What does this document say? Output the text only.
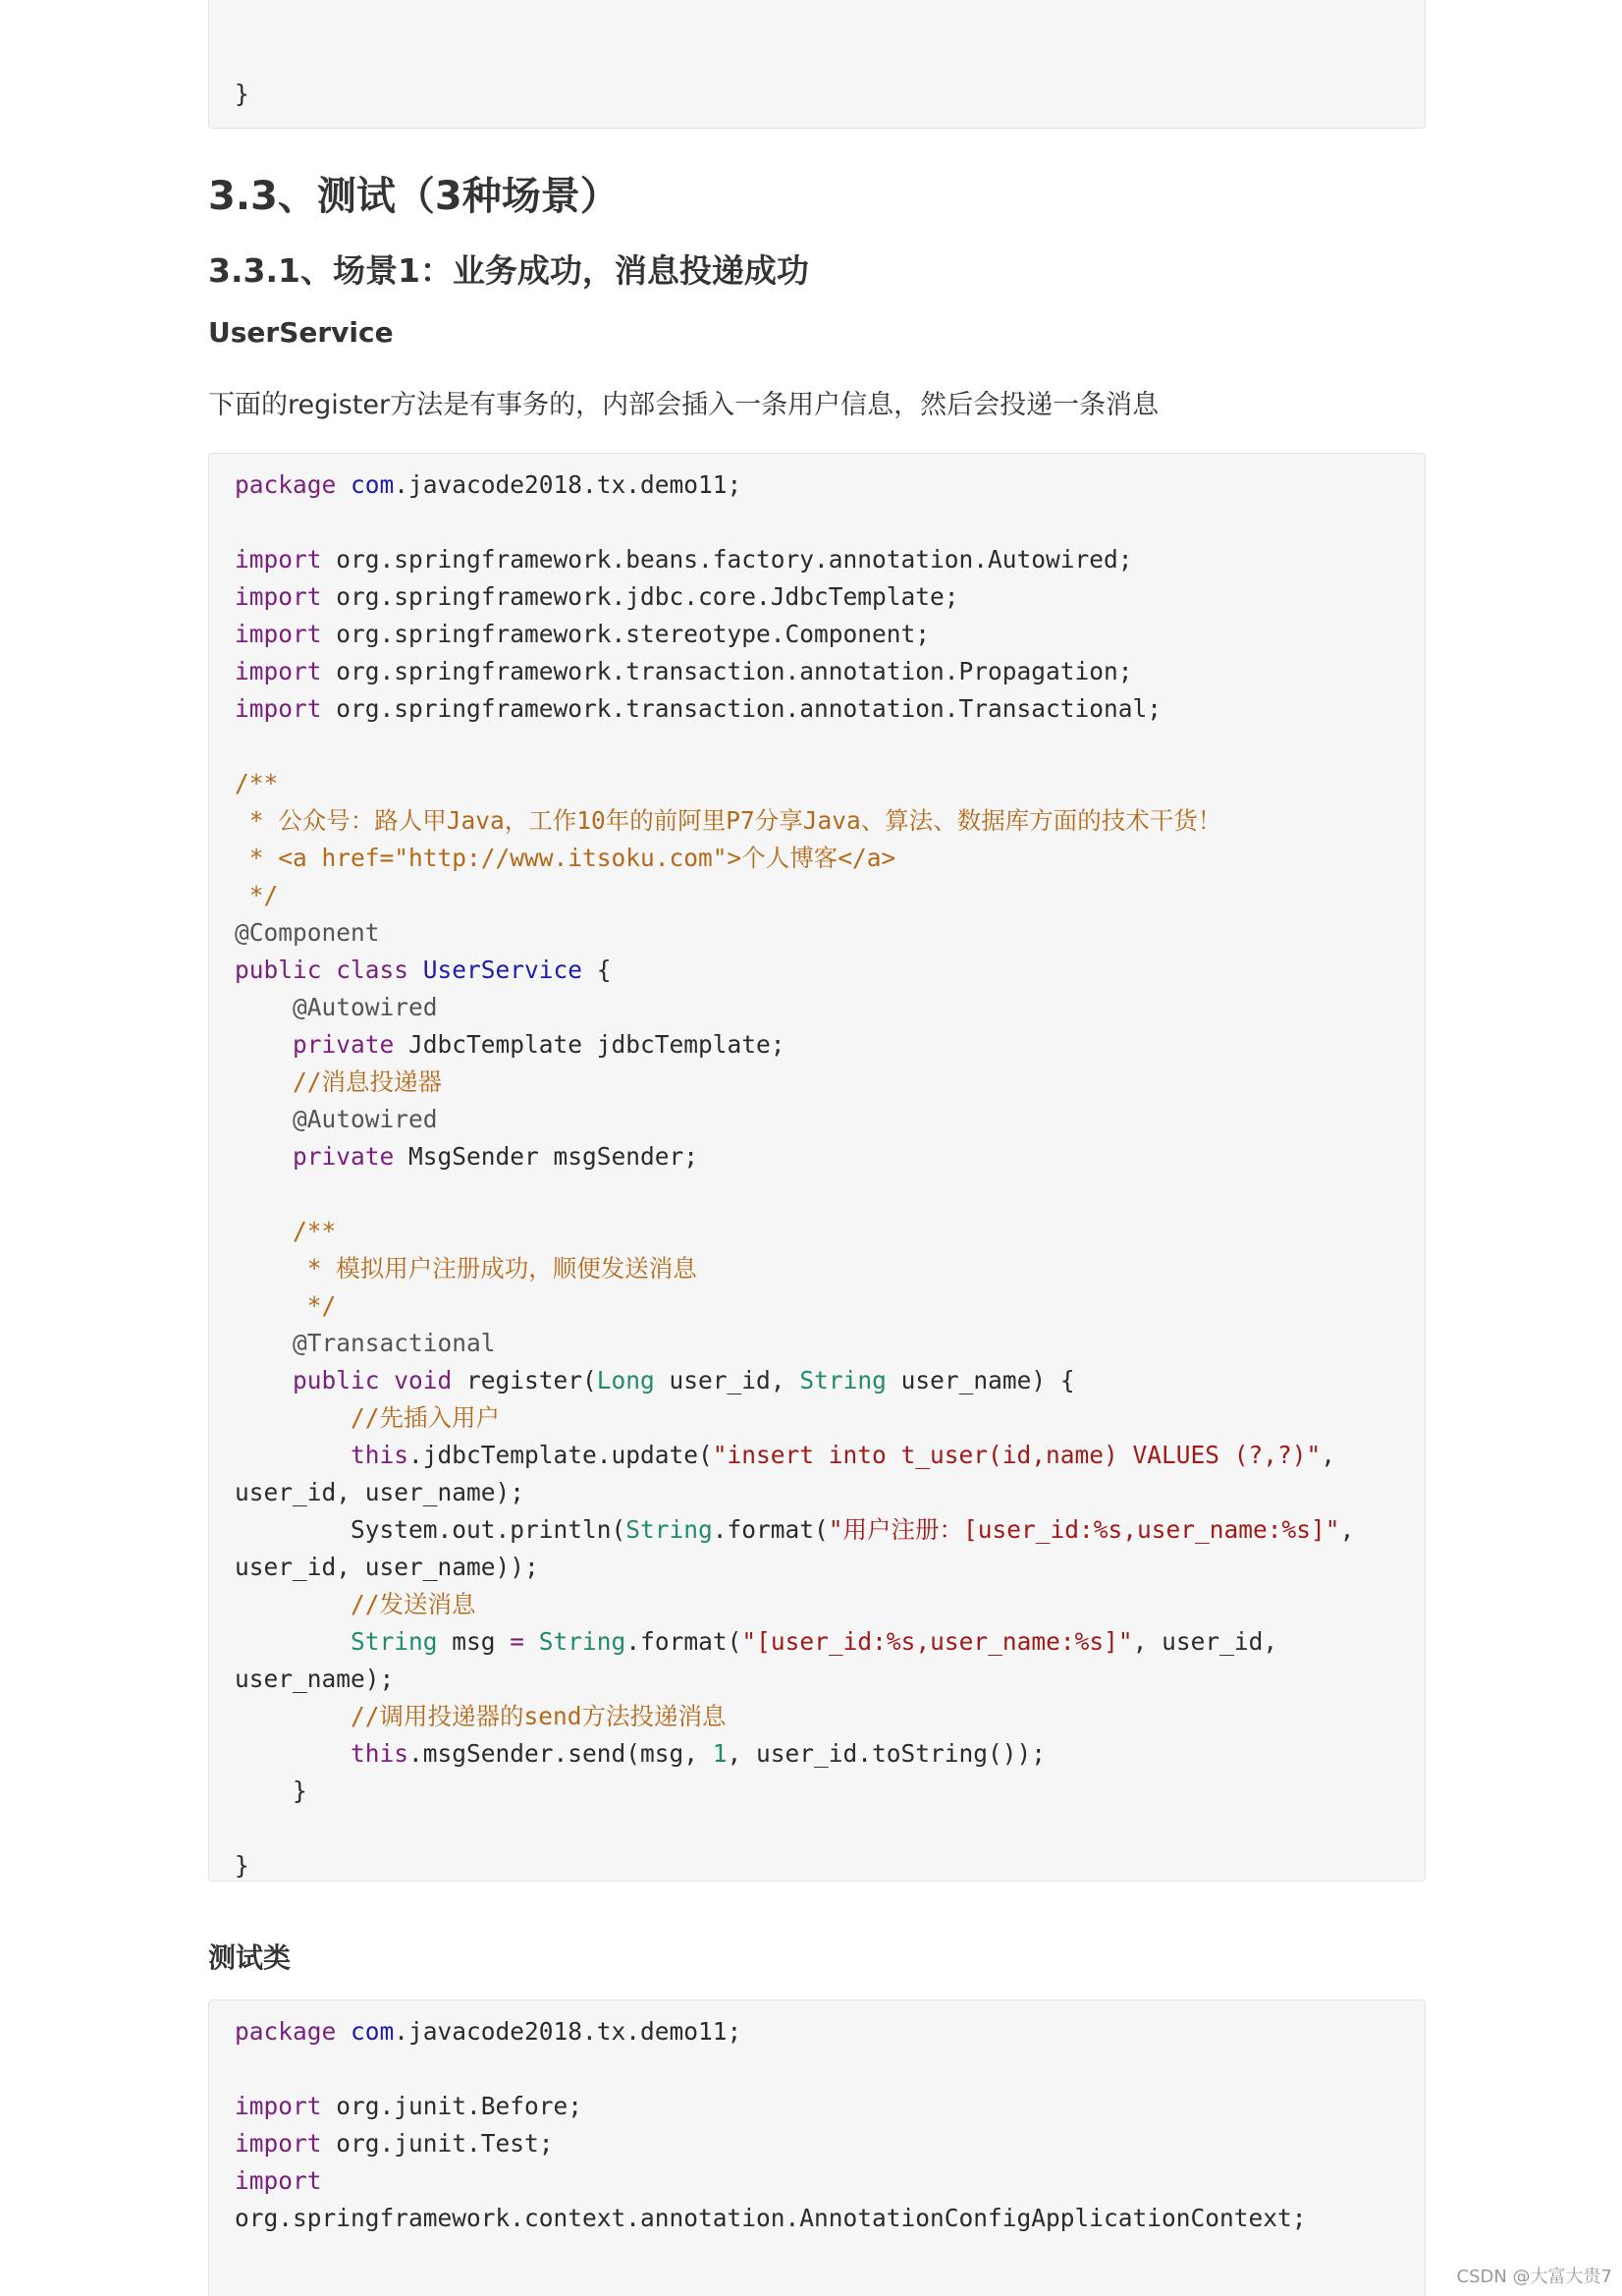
}
3.3、测试（3种场景）
3.3.1、场景1：业务成功，消息投递成功
UserService
下面的register方法是有事务的，内部会插入一条用户信息，然后会投递一条消息
package com.javacode2018.tx.demo11;
import org.springframework.beans.factory.annotation.Autowired;
import org.springframework.jdbc.core.JdbcTemplate;
import org.springframework.stereotype.Component;
import org.springframework.transaction.annotation.Propagation;
import org.springframework.transaction.annotation.Transactional;
/**
* 公众号：路人甲Java，工作10年的前阿里P7分享Java、算法、数据库方面的技术干货！
* <a href="http://www.itsoku.com">个人博客</a>
*/
@Component
public class UserService {
@Autowired
private JdbcTemplate jdbcTemplate;
//消息投递器
@Autowired
private MsgSender msgSender;
/**
* 模拟用户注册成功，顺便发送消息
*/
@Transactional
public void register(Long user_id, String user_name) {
//先插入用户
this.jdbcTemplate.update("insert into t_user(id,name) VALUES (?,?)",
user_id, user_name);
System.out.println(String.format("用户注册：[user_id:%s,user_name:%s]",
user_id, user_name));
//发送消息
String msg = String.format("[user_id:%s,user_name:%s]", user_id,
user_name);
//调用投递器的send方法投递消息
this.msgSender.send(msg, 1, user_id.toString());
}
}
测试类
package com.javacode2018.tx.demo11;
import org.junit.Before;
import org.junit.Test;
import
org.springframework.context.annotation.AnnotationConfigApplicationContext;
CSDN @大富大贵7
